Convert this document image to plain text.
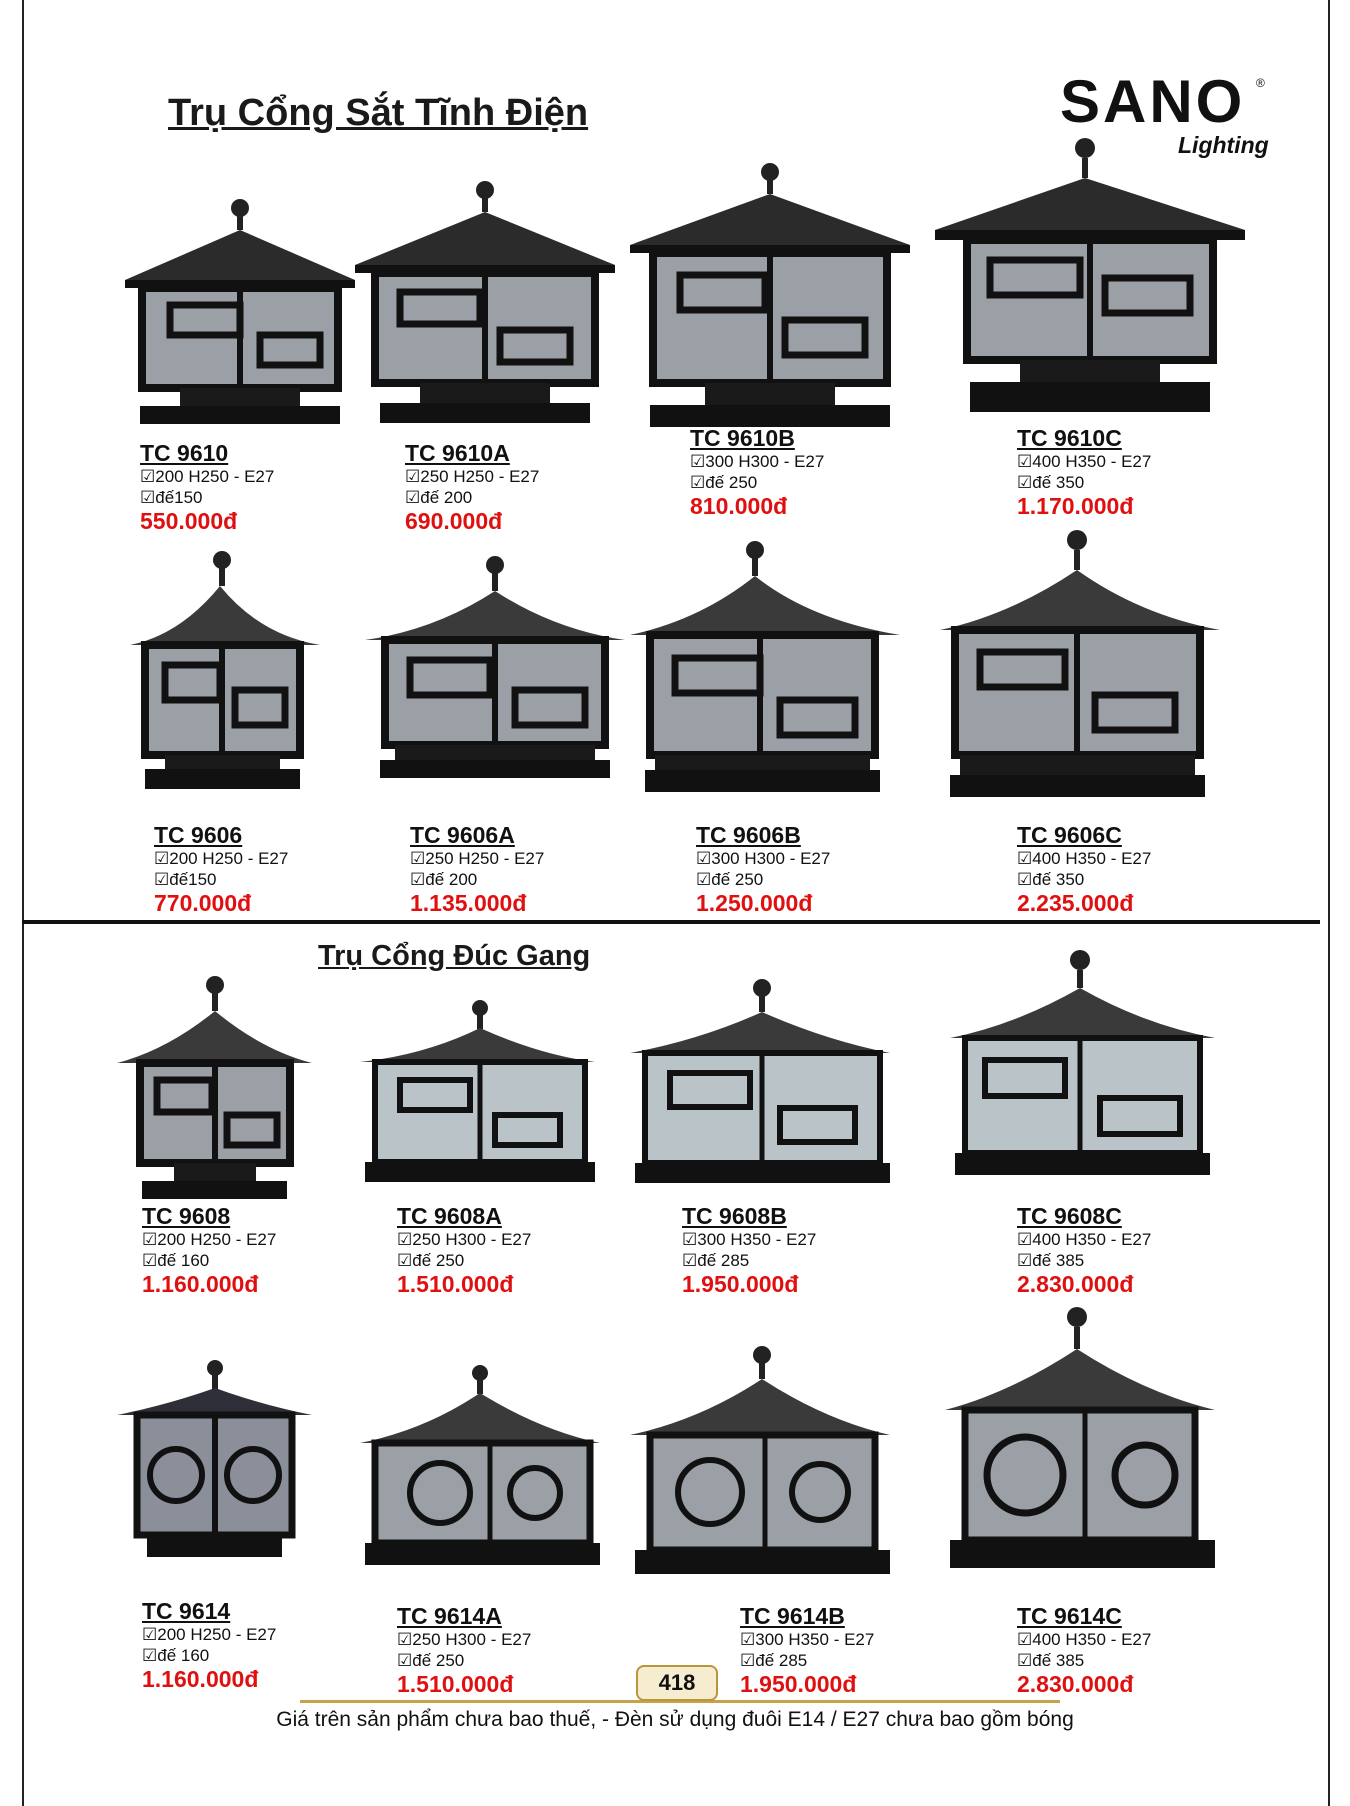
Trụ Cổng Sắt Tĩnh Điện	SANO ®
Lighting
Trụ Cổng Đúc Gang
TC 9610
☑200 H250 - E27
☑đế150
550.000đ
TC 9610A
☑250 H250 - E27
☑đế 200
690.000đ
TC 9610B
☑300 H300 - E27
☑đế 250
810.000đ
TC 9610C
☑400 H350 - E27
☑đế 350
1.170.000đ
TC 9606
☑200 H250 - E27
☑đế150
770.000đ
TC 9606A
☑250 H250 - E27
☑đế 200
1.135.000đ
TC 9606B
☑300 H300 - E27
☑đế 250
1.250.000đ
TC 9606C
☑400 H350 - E27
☑đế 350
2.235.000đ
TC 9608
☑200 H250 - E27
☑đế 160
1.160.000đ
TC 9608A
☑250 H300 - E27
☑đế 250
1.510.000đ
TC 9608B
☑300 H350 - E27
☑đế 285
1.950.000đ
TC 9608C
☑400 H350 - E27
☑đế 385
2.830.000đ
TC 9614
☑200 H250 - E27
☑đế 160
1.160.000đ
TC 9614A
☑250 H300 - E27
☑đế 250
1.510.000đ
TC 9614B
☑300 H350 - E27
☑đế 285
1.950.000đ
TC 9614C
☑400 H350 - E27
☑đế 385
2.830.000đ
418
Giá trên sản phẩm chưa bao thuế, - Đèn sử dụng đuôi E14 / E27 chưa bao gồm bóng
